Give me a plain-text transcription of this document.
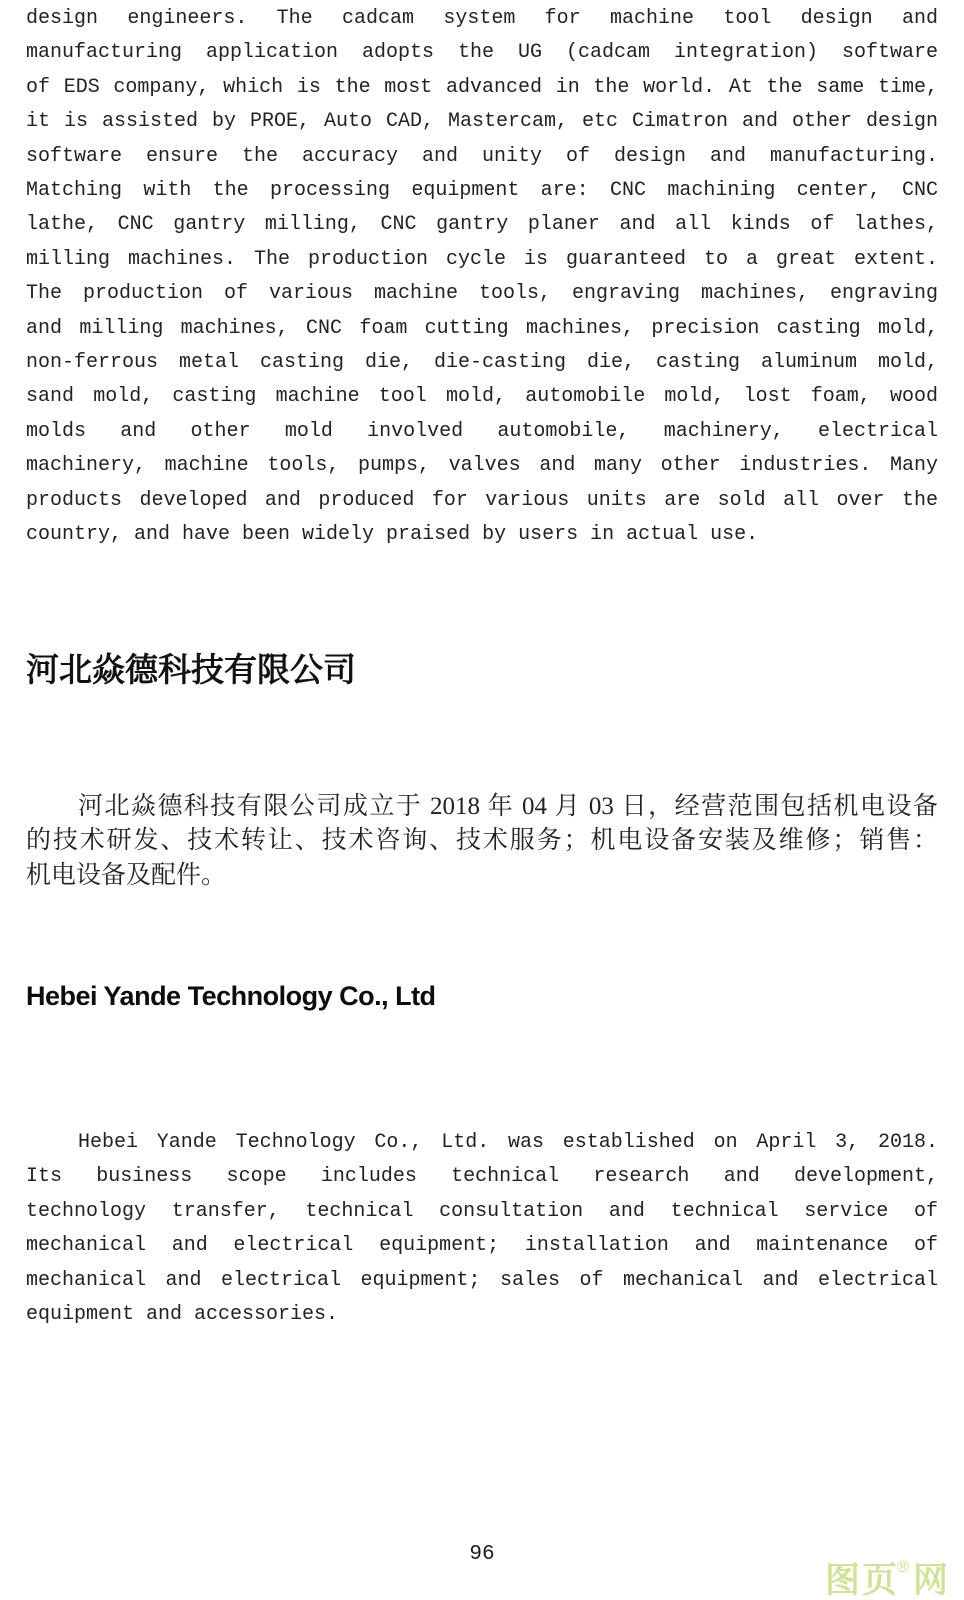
design engineers. The cadcam system for machine tool design and
manufacturing application adopts the UG (cadcam integration) software
of EDS company, which is the most advanced in the world. At the same time,
it is assisted by PROE, Auto CAD, Mastercam, etc Cimatron and other design
software ensure the accuracy and unity of design and manufacturing.
Matching with the processing equipment are: CNC machining center, CNC
lathe, CNC gantry milling, CNC gantry planer and all kinds of lathes,
milling machines. The production cycle is guaranteed to a great extent.
The production of various machine tools, engraving machines, engraving
and milling machines, CNC foam cutting machines, precision casting mold,
non-ferrous metal casting die, die-casting die, casting aluminum mold,
sand mold, casting machine tool mold, automobile mold, lost foam, wood
molds and other mold involved automobile, machinery, electrical
machinery, machine tools, pumps, valves and many other industries. Many
products developed and produced for various units are sold all over the
country, and have been widely praised by users in actual use.
河北焱德科技有限公司
河北焱德科技有限公司成立于 2018 年 04 月 03 日，经营范围包括机电设备
的技术研发、技术转让、技术咨询、技术服务；机电设备安装及维修；销售：
机电设备及配件。
Hebei Yande Technology Co., Ltd
Hebei Yande Technology Co., Ltd. was established on April 3, 2018.
Its business scope includes technical research and development,
technology transfer, technical consultation and technical service of
mechanical and electrical equipment; installation and maintenance of
mechanical and electrical equipment; sales of mechanical and electrical
equipment and accessories.
96
图页®网
